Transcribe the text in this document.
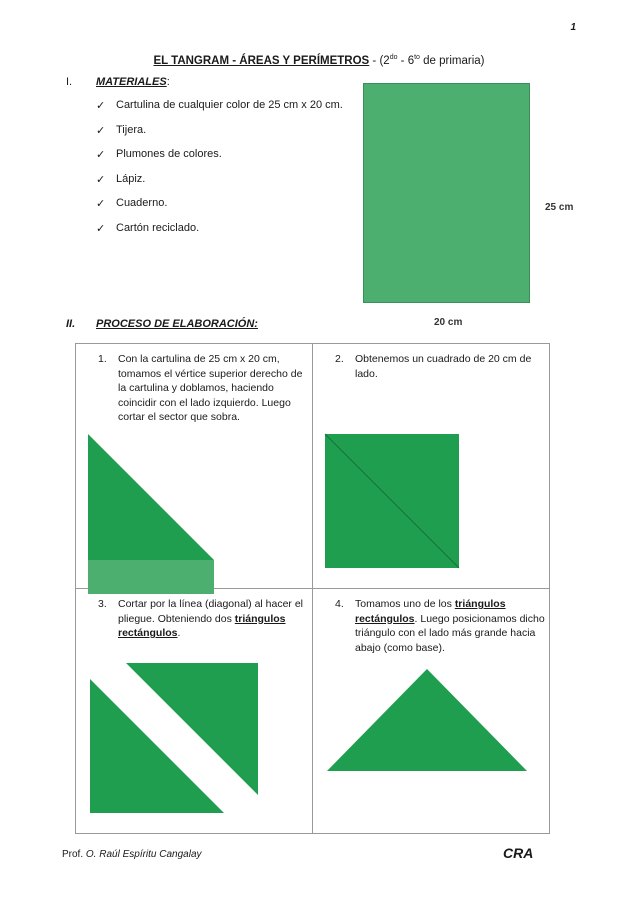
1
EL TANGRAM - ÁREAS Y PERÍMETROS - ($2^{do} - 6^{to}$ de primaria)
I. MATERIALES:
✓ Cartulina de cualquier color de 25 cm x 20 cm.
✓ Tijera.
✓ Plumones de colores.
✓ Lápiz.
✓ Cuaderno.
✓ Cartón reciclado.
25 cm
20 cm
II. PROCESO DE ELABORACIÓN:
1. Con la cartulina de 25 cm x 20 cm, tomamos el vértice superior derecho de la cartulina y doblamos, haciendo coincidir con el lado izquierdo. Luego cortar el sector que sobra.	2. Obtenemos un cuadrado de 20 cm de lado.

3. Cortar por la línea (diagonal) al hacer el pliegue. Obteniendo dos triángulos rectángulos.	4. Tomamos uno de los triángulos rectángulos. Luego posicionamos dicho triángulo con el lado más grande hacia abajo (como base).
Prof. O. Raúl Espíritu Cangalay	CRA
